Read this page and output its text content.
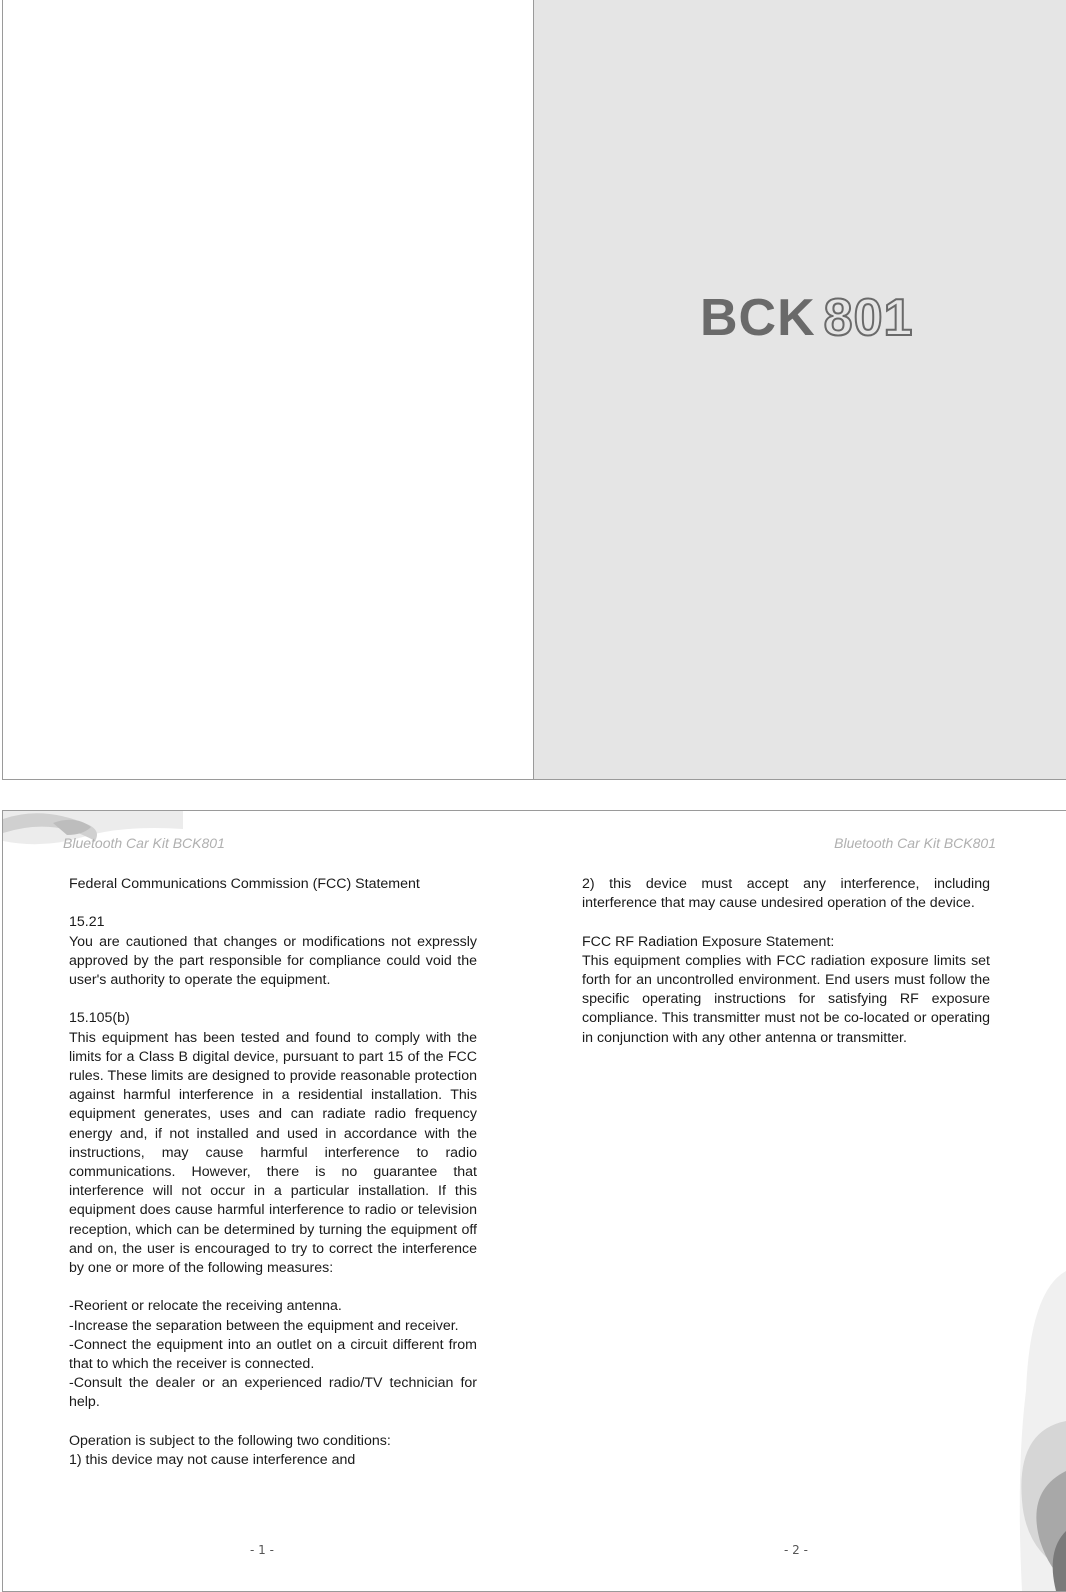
BCK 801
Bluetooth Car Kit BCK801	Bluetooth Car Kit BCK801

Federal Communications Commission (FCC) Statement

15.21

You are cautioned that changes or modifications not expressly approved by the part responsible for compliance could void the user's authority to operate the equipment.

15.105(b)

This equipment has been tested and found to comply with the limits for a Class B digital device, pursuant to part 15 of the FCC rules. These limits are designed to provide reasonable protection against harmful interference in a residential installation. This equipment generates, uses and can radiate radio frequency energy and, if not installed and used in accordance with the instructions, may cause harmful interference to radio communications. However, there is no guarantee that interference will not occur in a particular installation. If this equipment does cause harmful interference to radio or television reception, which can be determined by turning the equipment off and on, the user is encouraged to try to correct the interference by one or more of the following measures:

-Reorient or relocate the receiving antenna.

-Increase the separation between the equipment and receiver.

-Connect the equipment into an outlet on a circuit different from that to which the receiver is connected.

-Consult the dealer or an experienced radio/TV technician for help.

Operation is subject to the following two conditions:

1) this device may not cause interference and

2) this device must accept any interference, including interference that may cause undesired operation of the device.

FCC RF Radiation Exposure Statement:

This equipment complies with FCC radiation exposure limits set forth for an uncontrolled environment. End users must follow the specific operating instructions for satisfying RF exposure compliance. This transmitter must not be co-located or operating in conjunction with any other antenna or transmitter.

- 1 -	- 2 -
